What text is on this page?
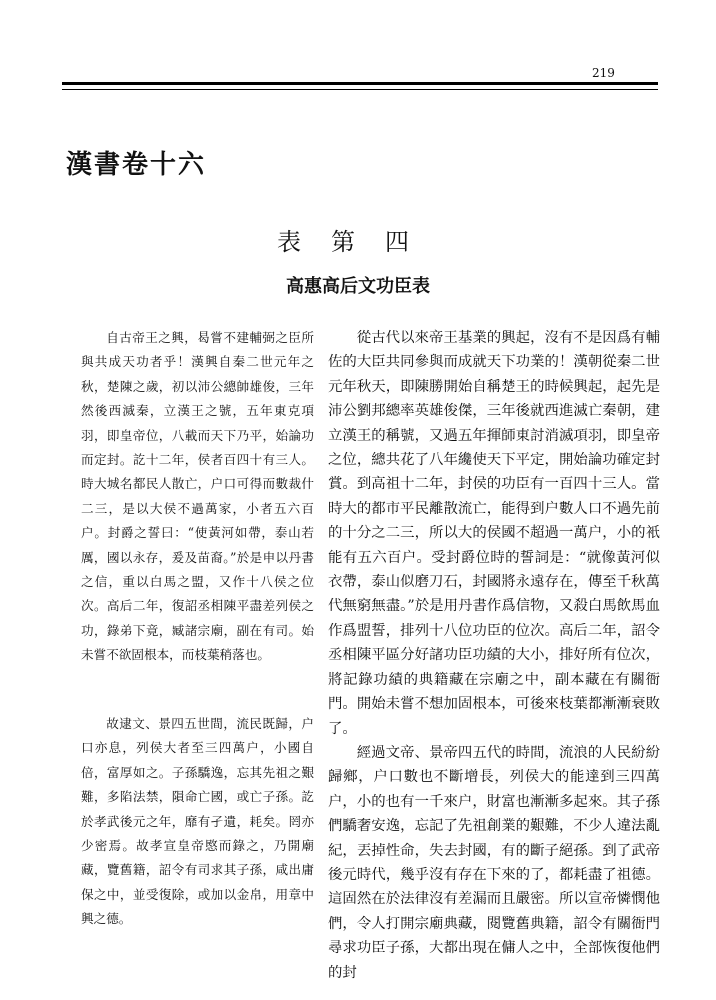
219
漢書卷十六
表第四
高惠高后文功臣表

自古帝王之興，曷嘗不建輔弼之臣所與共成天功者乎！漢興自秦二世元年之秋，楚陳之歲，初以沛公總帥雄俊，三年然後西滅秦，立漢王之號，五年東克項羽，即皇帝位，八載而天下乃平，始論功而定封。訖十二年，侯者百四十有三人。時大城名都民人散亡，户口可得而數裁什二三，是以大侯不過萬家，小者五六百户。封爵之誓曰：“使黃河如帶，泰山若厲，國以永存，爰及苗裔。”於是申以丹書之信，重以白馬之盟，又作十八侯之位次。高后二年，復詔丞相陳平盡差列侯之功，錄弟下竟，臧諸宗廟，副在有司。始未嘗不欲固根本，而枝葉稍落也。

故逮文、景四五世間，流民既歸，户口亦息，列侯大者至三四萬户，小國自倍，富厚如之。子孫驕逸，忘其先祖之艱難，多陷法禁，隕命亡國，或亡子孫。訖於孝武後元之年，靡有孑遺，耗矣。罔亦少密焉。故孝宣皇帝愍而錄之，乃開廟藏，覽舊籍，詔令有司求其子孫，咸出庸保之中，並受復除，或加以金帛，用章中興之德。

從古代以來帝王基業的興起，沒有不是因爲有輔佐的大臣共同參與而成就天下功業的！漢朝從秦二世元年秋天，即陳勝開始自稱楚王的時候興起，起先是沛公劉邦總率英雄俊傑，三年後就西進滅亡秦朝，建立漢王的稱號，又過五年揮師東討消滅項羽，即皇帝之位，總共花了八年纔使天下平定，開始論功確定封賞。到高祖十二年，封侯的功臣有一百四十三人。當時大的都市平民離散流亡，能得到户數人口不過先前的十分之二三，所以大的侯國不超過一萬户，小的衹能有五六百户。受封爵位時的誓詞是：“就像黃河似衣帶，泰山似磨刀石，封國將永遠存在，傳至千秋萬代無窮無盡。”於是用丹書作爲信物，又殺白馬飲馬血作爲盟誓，排列十八位功臣的位次。高后二年，詔令丞相陳平區分好諸功臣功績的大小，排好所有位次，將記錄功績的典籍藏在宗廟之中，副本藏在有關衙門。開始未嘗不想加固根本，可後來枝葉都漸漸衰敗了。

經過文帝、景帝四五代的時間，流浪的人民紛紛歸鄉，户口數也不斷增長，列侯大的能達到三四萬户，小的也有一千來户，財富也漸漸多起來。其子孫們驕奢安逸，忘記了先祖創業的艱難，不少人違法亂紀，丟掉性命，失去封國，有的斷子絕孫。到了武帝後元時代，幾乎沒有存在下來的了，都耗盡了祖德。這固然在於法律沒有差漏而且嚴密。所以宣帝憐憫他們，令人打開宗廟典藏，閱覽舊典籍，詔令有關衙門尋求功臣子孫，大都出現在傭人之中，全部恢復他們的封
